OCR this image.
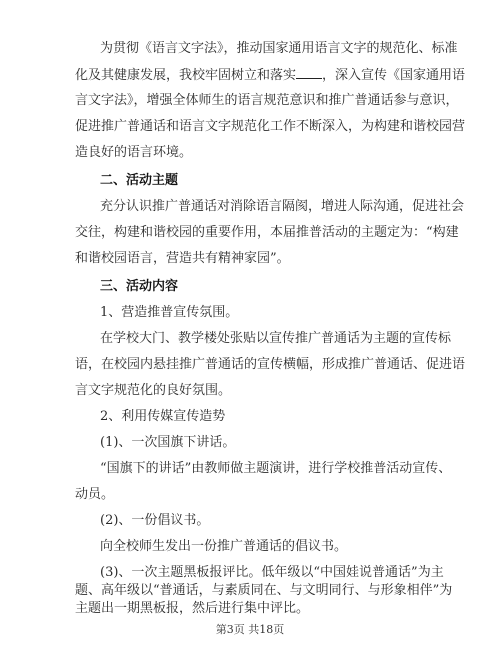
为贯彻《语言文字法》，推动国家通用语言文字的规范化、标准
化及其健康发展，我校牢固树立和落实 ，深入宣传《国家通用语
言文字法》，增强全体师生的语言规范意识和推广普通话参与意识，
促进推广普通话和语言文字规范化工作不断深入，为构建和谐校园营
造良好的语言环境。
二、活动主题
充分认识推广普通话对消除语言隔阂，增进人际沟通，促进社会
交往，构建和谐校园的重要作用，本届推普活动的主题定为：“构建
和谐校园语言，营造共有精神家园”。
三、活动内容
1、营造推普宣传氛围。
在学校大门、教学楼处张贴以宣传推广普通话为主题的宣传标
语，在校园内悬挂推广普通话的宣传横幅，形成推广普通话、促进语
言文字规范化的良好氛围。
2、利用传媒宣传造势
(1)、一次国旗下讲话。
“国旗下的讲话”由教师做主题演讲，进行学校推普活动宣传、
动员。
(2)、一份倡议书。
向全校师生发出一份推广普通话的倡议书。
(3)、一次主题黑板报评比。低年级以“中国娃说普通话”为主
题、高年级以“普通话，与素质同在、与文明同行、与形象相伴”为
主题出一期黑板报，然后进行集中评比。
第3页 共18页
